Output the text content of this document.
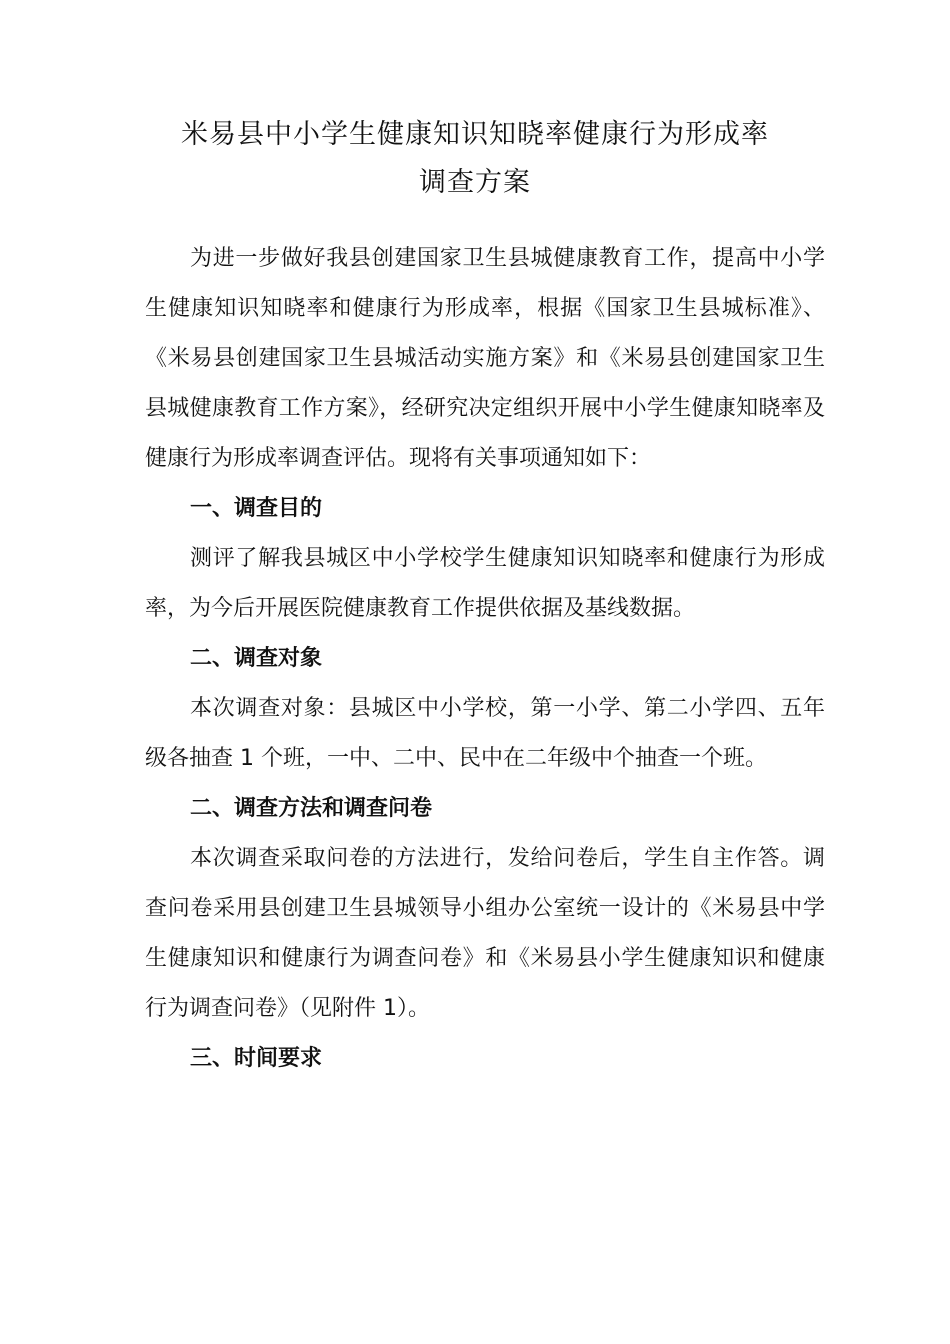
米易县中小学生健康知识知晓率健康行为形成率
调查方案

为进一步做好我县创建国家卫生县城健康教育工作，提高中小学生健康知识知晓率和健康行为形成率，根据《国家卫生县城标准》、《米易县创建国家卫生县城活动实施方案》和《米易县创建国家卫生县城健康教育工作方案》，经研究决定组织开展中小学生健康知晓率及健康行为形成率调查评估。现将有关事项通知如下：

一、调查目的

测评了解我县城区中小学校学生健康知识知晓率和健康行为形成率，为今后开展医院健康教育工作提供依据及基线数据。

二、调查对象

本次调查对象：县城区中小学校，第一小学、第二小学四、五年级各抽查 1 个班，一中、二中、民中在二年级中个抽查一个班。

二、调查方法和调查问卷

本次调查采取问卷的方法进行，发给问卷后，学生自主作答。调查问卷采用县创建卫生县城领导小组办公室统一设计的《米易县中学生健康知识和健康行为调查问卷》和《米易县小学生健康知识和健康行为调查问卷》（见附件 1）。

三、时间要求
